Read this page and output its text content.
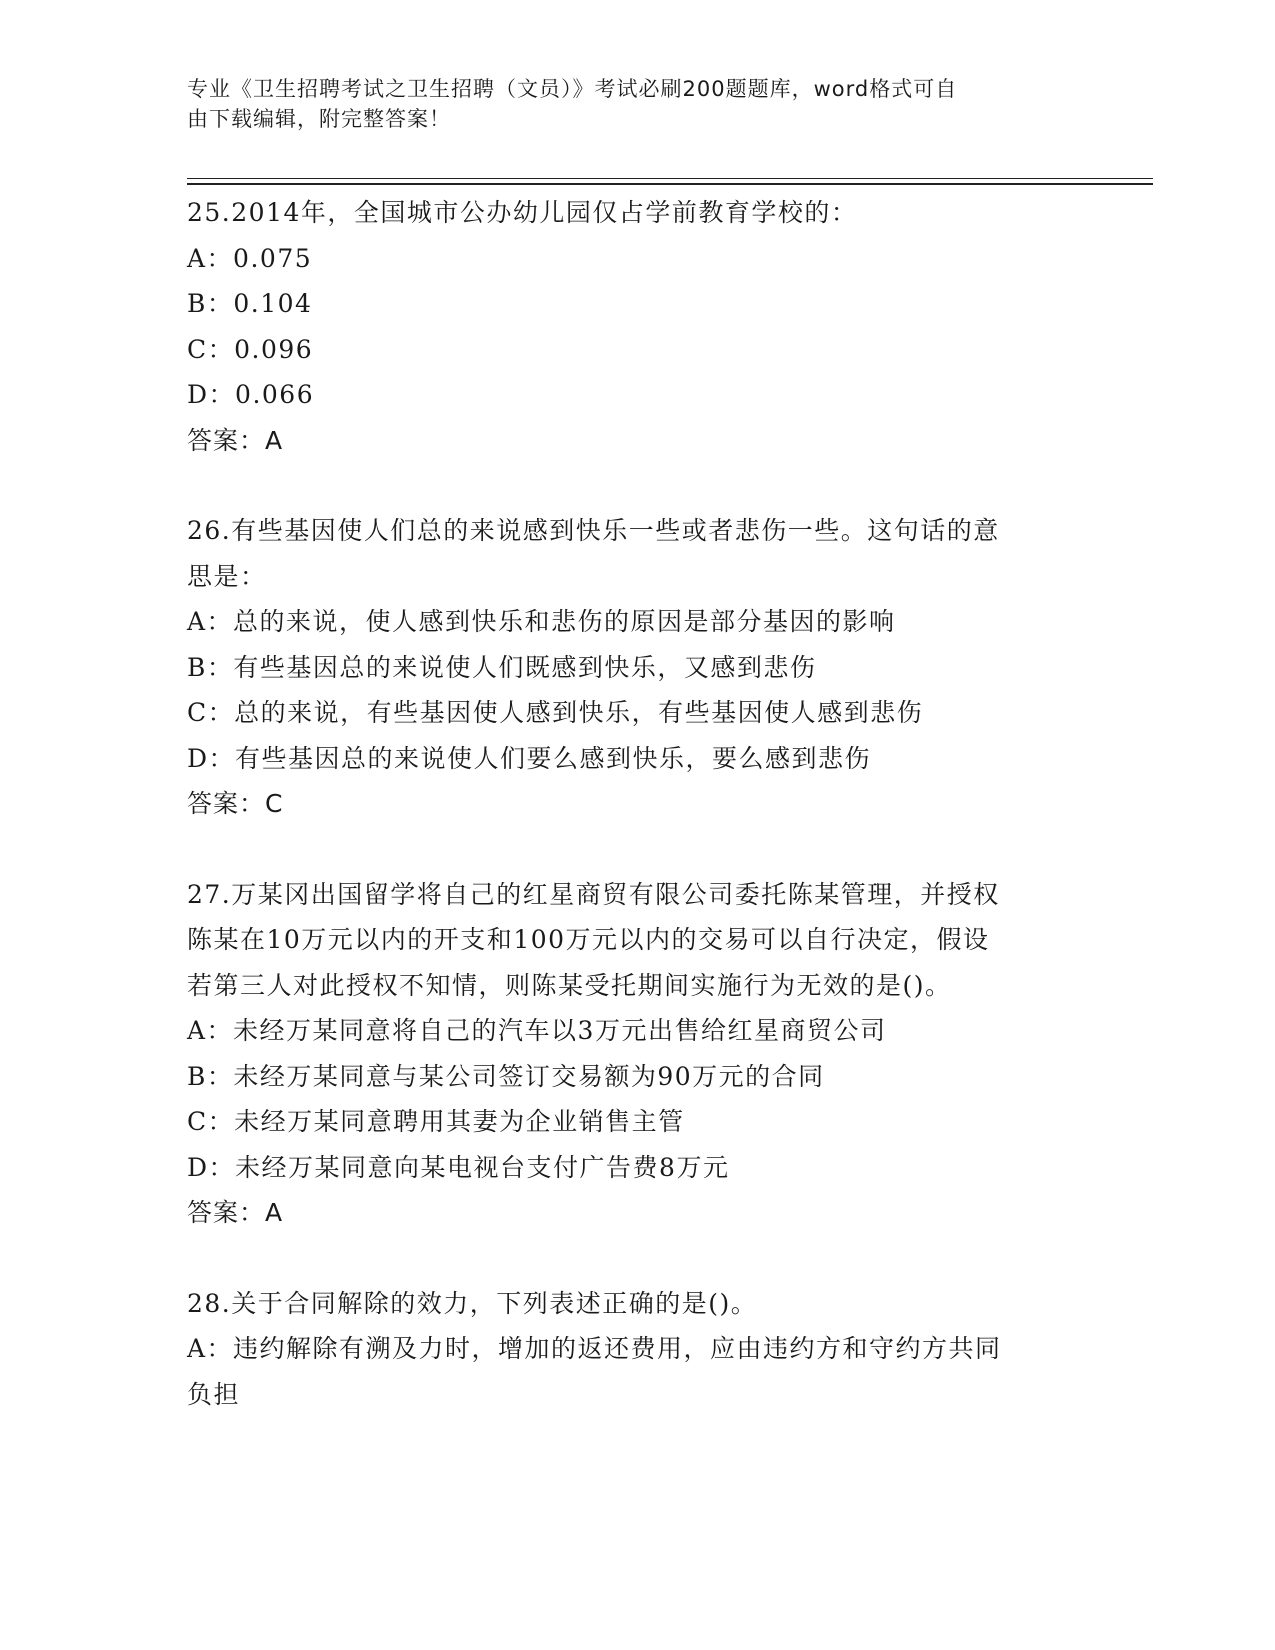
专业《卫生招聘考试之卫生招聘（文员）》考试必刷200题题库，word格式可自
由下载编辑，附完整答案！

25.2014年，全国城市公办幼儿园仅占学前教育学校的：

A：0.075

B：0.104

C：0.096

D：0.066

答案：A

26.有些基因使人们总的来说感到快乐一些或者悲伤一些。这句话的意

思是：

A：总的来说，使人感到快乐和悲伤的原因是部分基因的影响

B：有些基因总的来说使人们既感到快乐，又感到悲伤

C：总的来说，有些基因使人感到快乐，有些基因使人感到悲伤

D：有些基因总的来说使人们要么感到快乐，要么感到悲伤

答案：C

27.万某冈出国留学将自己的红星商贸有限公司委托陈某管理，并授权

陈某在10万元以内的开支和100万元以内的交易可以自行决定，假设

若第三人对此授权不知情，则陈某受托期间实施行为无效的是()。

A：未经万某同意将自己的汽车以3万元出售给红星商贸公司

B：未经万某同意与某公司签订交易额为90万元的合同

C：未经万某同意聘用其妻为企业销售主管

D：未经万某同意向某电视台支付广告费8万元

答案：A

28.关于合同解除的效力，下列表述正确的是()。

A：违约解除有溯及力时，增加的返还费用，应由违约方和守约方共同

负担
